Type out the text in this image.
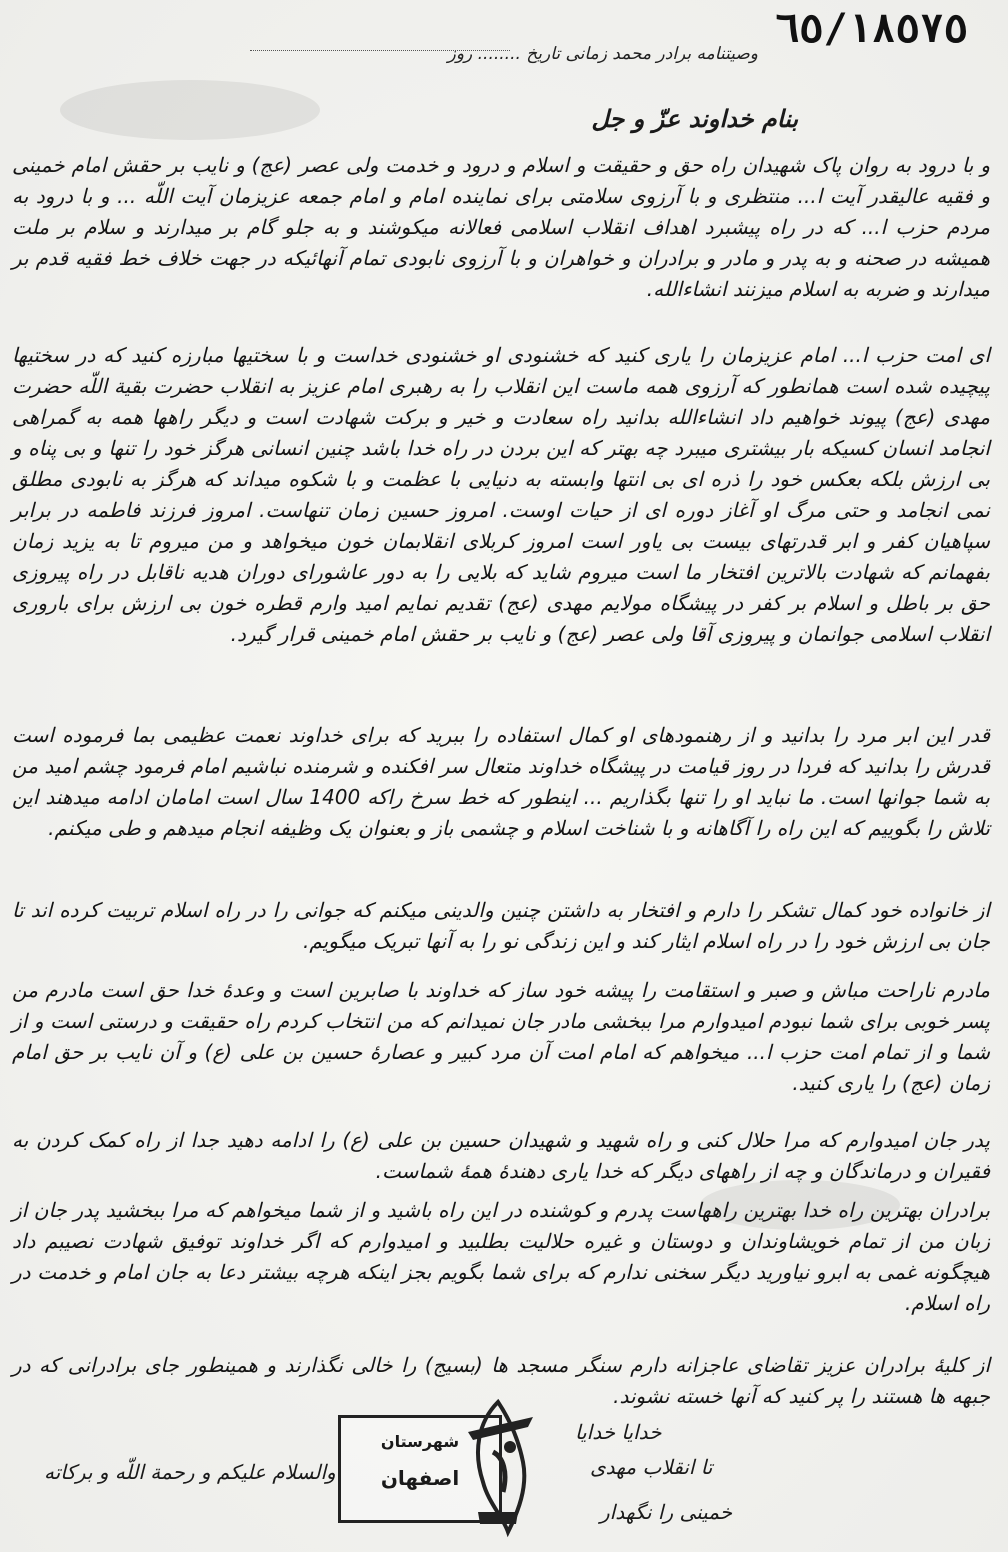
٦٥/١٨٥٧٥
وصیتنامه برادر محمد زمانی تاریخ ........ روز
بنام خداوند عزّ و جل
و با درود به روان پاک شهیدان راه حق و حقیقت و اسلام و درود و خدمت ولی عصر (عج) و نایب بر حقش امام خمینی و فقیه عالیقدر آیت ا... منتظری و با آرزوی سلامتی برای نماینده امام و امام جمعه عزیزمان آیت اللّه ... و با درود به مردم حزب ا... که در راه پیشبرد اهداف انقلاب اسلامی فعالانه میکوشند و به جلو گام بر میدارند و سلام بر ملت همیشه در صحنه و به پدر و مادر و برادران و خواهران و با آرزوی نابودی تمام آنهائیکه در جهت خلاف خط فقیه قدم بر میدارند و ضربه به اسلام میزنند انشاءالله.
ای امت حزب ا... امام عزیزمان را یاری کنید که خشنودی او خشنودی خداست و با سختیها مبارزه کنید که در سختیها پیچیده شده است همانطور که آرزوی همه ماست این انقلاب را به رهبری امام عزیز به انقلاب حضرت بقیة اللّه حضرت مهدی (عج) پیوند خواهیم داد انشاءالله بدانید راه سعادت و خیر و برکت شهادت است و دیگر راهها همه به گمراهی انجامد انسان کسیکه بار بیشتری میبرد چه بهتر که این بردن در راه خدا باشد چنین انسانی هرگز خود را تنها و بی پناه و بی ارزش بلکه بعکس خود را ذره ای بی انتها وابسته به دنیایی با عظمت و با شکوه میداند که هرگز به نابودی مطلق نمی انجامد و حتی مرگ او آغاز دوره ای از حیات اوست. امروز حسین زمان تنهاست. امروز فرزند فاطمه در برابر سپاهیان کفر و ابر قدرتهای بیست بی یاور است امروز کربلای انقلابمان خون میخواهد و من میروم تا به یزید زمان بفهمانم که شهادت بالاترین افتخار ما است میروم شاید که بلایی را به دور عاشورای دوران هدیه ناقابل در راه پیروزی حق بر باطل و اسلام بر کفر در پیشگاه مولایم مهدی (عج) تقدیم نمایم امید وارم قطره خون بی ارزش برای باروری انقلاب اسلامی جوانمان و پیروزی آقا ولی عصر (عج) و نایب بر حقش امام خمینی قرار گیرد.
قدر این ابر مرد را بدانید و از رهنمودهای او کمال استفاده را ببرید که برای خداوند نعمت عظیمی بما فرموده است قدرش را بدانید که فردا در روز قیامت در پیشگاه خداوند متعال سر افکنده و شرمنده نباشیم امام فرمود چشم امید من به شما جوانها است. ما نباید او را تنها بگذاریم ... اینطور که خط سرخ راکه 1400 سال است امامان ادامه میدهند این تلاش را بگوییم که این راه را آگاهانه و با شناخت اسلام و چشمی باز و بعنوان یک وظیفه انجام میدهم و طی میکنم.
از خانواده خود کمال تشکر را دارم و افتخار به داشتن چنین والدینی میکنم که جوانی را در راه اسلام تربیت کرده اند تا جان بی ارزش خود را در راه اسلام ایثار کند و این زندگی نو را به آنها تبریک میگویم.
مادرم ناراحت مباش و صبر و استقامت را پیشه خود ساز که خداوند با صابرین است و وعدهٔ خدا حق است مادرم من پسر خوبی برای شما نبودم امیدوارم مرا ببخشی مادر جان نمیدانم که من انتخاب کردم راه حقیقت و درستی است و از شما و از تمام امت حزب ا... میخواهم که امام امت آن مرد کبیر و عصارهٔ حسین بن علی (ع) و آن نایب بر حق امام زمان (عج) را یاری کنید.
پدر جان امیدوارم که مرا حلال کنی و راه شهید و شهیدان حسین بن علی (ع) را ادامه دهید جدا از راه کمک کردن به فقیران و درماندگان و چه از راههای دیگر که خدا یاری دهندهٔ همهٔ شماست.
برادران بهترین راه خدا بهترین راههاست پدرم و کوشنده در این راه باشید و از شما میخواهم که مرا ببخشید پدر جان از زبان من از تمام خویشاوندان و دوستان و غیره حلالیت بطلبید و امیدوارم که اگر خداوند توفیق شهادت نصیبم داد هیچگونه غمی به ابرو نیاورید دیگر سخنی ندارم که برای شما بگویم بجز اینکه هرچه بیشتر دعا به جان امام و خدمت در راه اسلام.
از کلیهٔ برادران عزیز تقاضای عاجزانه دارم سنگر مسجد ها (بسیج) را خالی نگذارند و همینطور جای برادرانی که در جبهه ها هستند را پر کنید که آنها خسته نشوند.
خدایا خدایا
تا انقلاب مهدی
والسلام علیکم و رحمة اللّه و برکاته
خمینی را نگهدار
شهرستان
اصفهان
